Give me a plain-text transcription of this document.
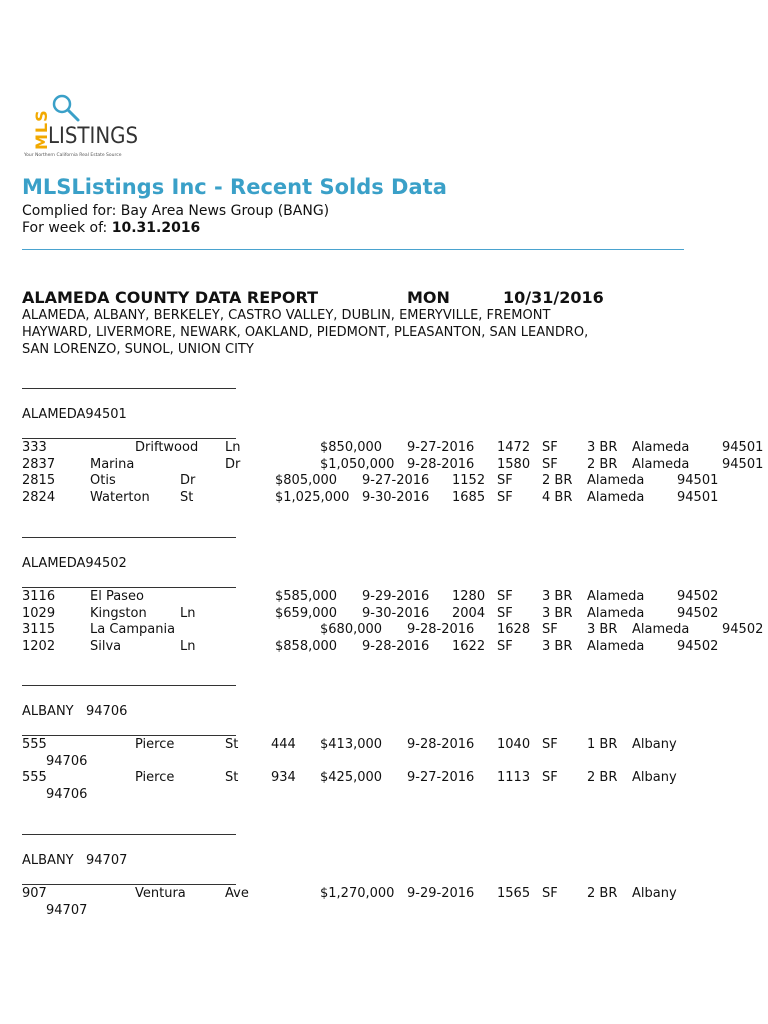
MLS
LISTINGS
Your Northern California Real Estate Source
MLSListings Inc - Recent Solds Data
Complied for: Bay Area News Group (BANG)
For week of: 10.31.2016
ALAMEDA COUNTY DATA REPORT	MON	10/31/2016
ALAMEDA, ALBANY, BERKELEY, CASTRO VALLEY, DUBLIN, EMERYVILLE, FREMONT
HAYWARD, LIVERMORE, NEWARK, OAKLAND, PIEDMONT, PLEASANTON, SAN LEANDRO,
SAN LORENZO, SUNOL, UNION CITY
ALAMEDA94501
333	Driftwood Ln	$850,000 9-27-2016 1472 SF 3 BR Alameda	94501
2837	Marina	Dr	$1,050,000 9-28-2016 1580 SF 2 BR Alameda	94501
2815	Otis	Dr	$805,000 9-27-2016 1152 SF 2 BR Alameda	94501
2824	Waterton St	$1,025,000 9-30-2016 1685 SF 4 BR Alameda	94501
ALAMEDA94502
3116	El Paseo	$585,000 9-29-2016 1280 SF 3 BR Alameda	94502
1029	Kingston	Ln	$659,000 9-30-2016 2004 SF 3 BR Alameda	94502
3115	La Campania	$680,000 9-28-2016 1628 SF 3 BR Alameda	94502
1202	Silva	Ln	$858,000 9-28-2016 1622 SF 3 BR Alameda	94502
ALBANY   94706
555	Pierce	St	444 $413,000 9-28-2016 1040 SF 1 BR Albany
94706
555	Pierce	St	934 $425,000 9-27-2016 1113 SF 2 BR Albany
94706
ALBANY   94707
907	Ventura	Ave	$1,270,000 9-29-2016 1565 SF 2 BR Albany
94707
